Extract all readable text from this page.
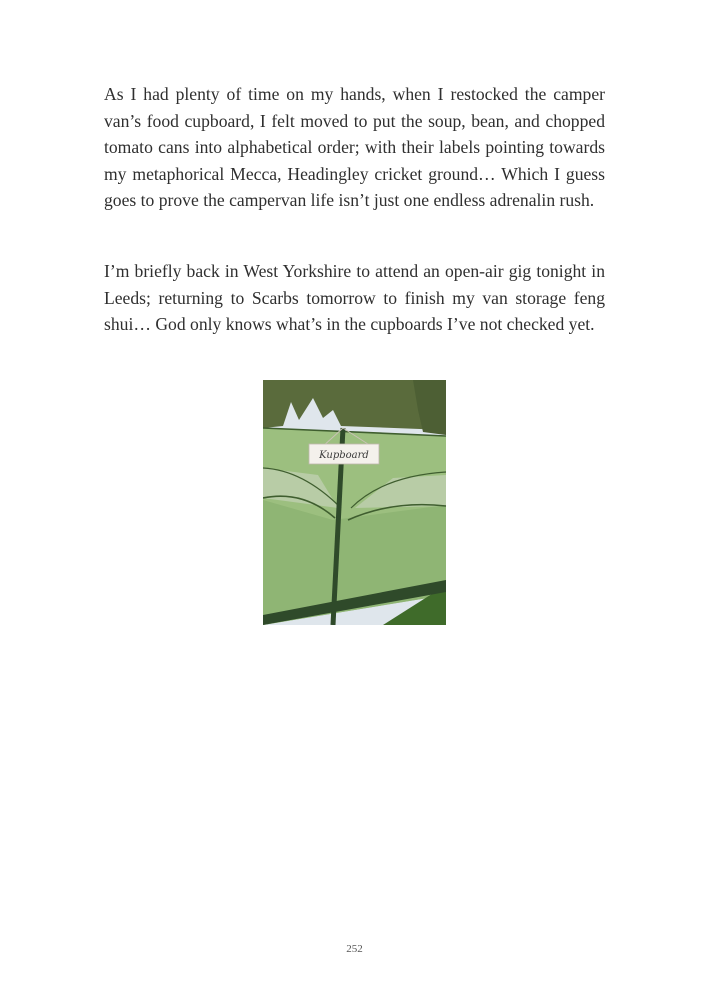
As I had plenty of time on my hands, when I restocked the camper van’s food cupboard, I felt moved to put the soup, bean, and chopped tomato cans into alphabetical order; with their labels pointing towards my metaphorical Mecca, Headingley cricket ground… Which I guess goes to prove the campervan life isn’t just one endless adrenalin rush.

I’m briefly back in West Yorkshire to attend an open-air gig tonight in Leeds; returning to Scarbs tomorrow to finish my van storage feng shui… God only knows what’s in the cupboards I’ve not checked yet.

Kupboard
252
